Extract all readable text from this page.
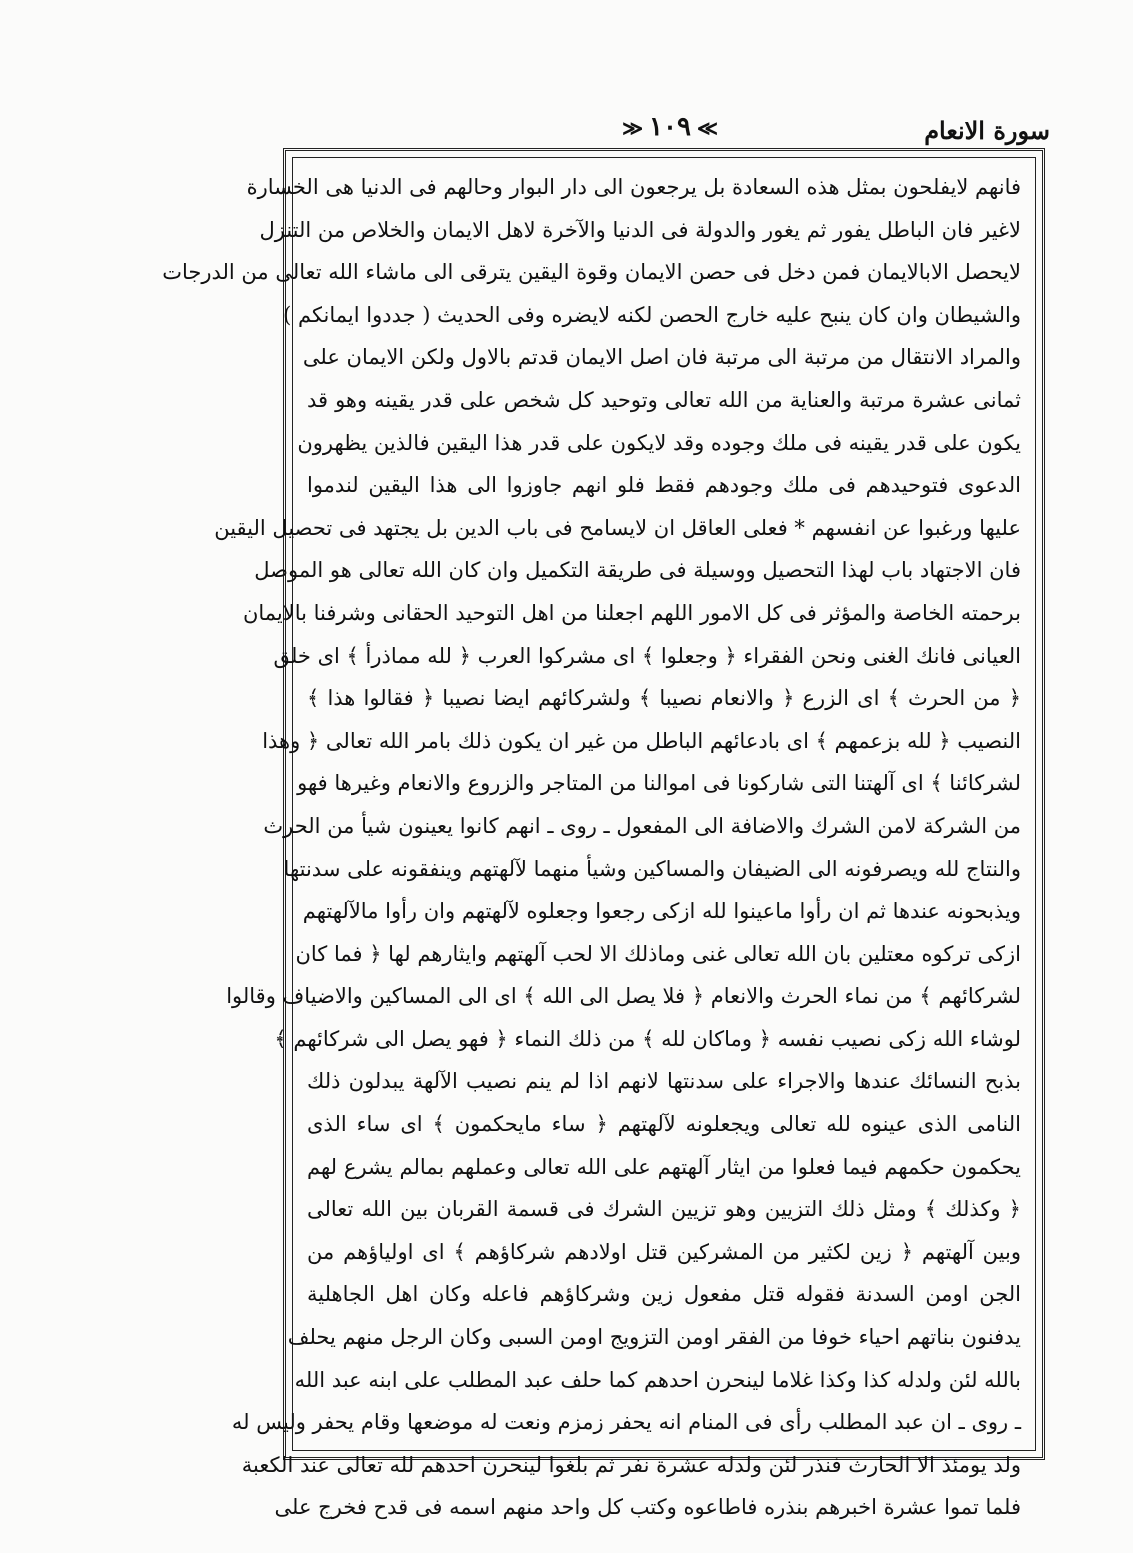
سورة الانعام
≫١٠٩≪
فانهم لايفلحون بمثل هذه السعادة بل يرجعون الى دار البوار وحالهم فى الدنيا هى الخسارة
لاغير فان الباطل يفور ثم يغور والدولة فى الدنيا والآخرة لاهل الايمان والخلاص من التنزل
لايحصل الابالايمان فمن دخل فى حصن الايمان وقوة اليقين يترقى الى ماشاء الله تعالى من الدرجات
والشيطان وان كان ينبح عليه خارج الحصن لكنه لايضره وفى الحديث ( جددوا ايمانكم )
والمراد الانتقال من مرتبة الى مرتبة فان اصل الايمان قدتم بالاول ولكن الايمان على
ثمانى عشرة مرتبة والعناية من الله تعالى وتوحيد كل شخص على قدر يقينه وهو قد
يكون على قدر يقينه فى ملك وجوده وقد لايكون على قدر هذا اليقين فالذين يظهرون
الدعوى فتوحيدهم فى ملك وجودهم فقط فلو انهم جاوزوا الى هذا اليقين لندموا
عليها ورغبوا عن انفسهم * فعلى العاقل ان لايسامح فى باب الدين بل يجتهد فى تحصيل اليقين
فان الاجتهاد باب لهذا التحصيل ووسيلة فى طريقة التكميل وان كان الله تعالى هو الموصل
برحمته الخاصة والمؤثر فى كل الامور اللهم اجعلنا من اهل التوحيد الحقانى وشرفنا بالايمان
العيانى فانك الغنى ونحن الفقراء ﴿ وجعلوا ﴾ اى مشركوا العرب ﴿ لله مماذرأ ﴾ اى خلق
﴿ من الحرث ﴾ اى الزرع ﴿ والانعام نصيبا ﴾ ولشركائهم ايضا نصيبا ﴿ فقالوا هذا ﴾
النصيب ﴿ لله بزعمهم ﴾ اى بادعائهم الباطل من غير ان يكون ذلك بامر الله تعالى ﴿ وهذا
لشركائنا ﴾ اى آلهتنا التى شاركونا فى اموالنا من المتاجر والزروع والانعام وغيرها فهو
من الشركة لامن الشرك والاضافة الى المفعول ـ روى ـ انهم كانوا يعينون شيأ من الحرث
والنتاج لله ويصرفونه الى الضيفان والمساكين وشيأ منهما لآلهتهم وينفقونه على سدنتها
ويذبحونه عندها ثم ان رأوا ماعينوا لله ازكى رجعوا وجعلوه لآلهتهم وان رأوا مالآلهتهم
ازكى تركوه معتلين بان الله تعالى غنى وماذلك الا لحب آلهتهم وايثارهم لها ﴿ فما كان
لشركائهم ﴾ من نماء الحرث والانعام ﴿ فلا يصل الى الله ﴾ اى الى المساكين والاضياف وقالوا
لوشاء الله زكى نصيب نفسه ﴿ وماكان لله ﴾ من ذلك النماء ﴿ فهو يصل الى شركائهم ﴾
بذبح النسائك عندها والاجراء على سدنتها لانهم اذا لم ينم نصيب الآلهة يبدلون ذلك
النامى الذى عينوه لله تعالى ويجعلونه لآلهتهم ﴿ ساء مايحكمون ﴾ اى ساء الذى
يحكمون حكمهم فيما فعلوا من ايثار آلهتهم على الله تعالى وعملهم بمالم يشرع لهم
﴿ وكذلك ﴾ ومثل ذلك التزيين وهو تزيين الشرك فى قسمة القربان بين الله تعالى
وبين آلهتهم ﴿ زين لكثير من المشركين قتل اولادهم شركاؤهم ﴾ اى اولياؤهم من
الجن اومن السدنة فقوله قتل مفعول زين وشركاؤهم فاعله وكان اهل الجاهلية
يدفنون بناتهم احياء خوفا من الفقر اومن التزويج اومن السبى وكان الرجل منهم يحلف
بالله لئن ولدله كذا وكذا غلاما لينحرن احدهم كما حلف عبد المطلب على ابنه عبد الله
ـ روى ـ ان عبد المطلب رأى فى المنام انه يحفر زمزم ونعت له موضعها وقام يحفر وليس له
ولد يومئذ الا الحارث فنذر لئن ولدله عشرة نفر ثم بلغوا لينحرن احدهم لله تعالى عند الكعبة
فلما تموا عشرة اخبرهم بنذره فاطاعوه وكتب كل واحد منهم اسمه فى قدح فخرج على
